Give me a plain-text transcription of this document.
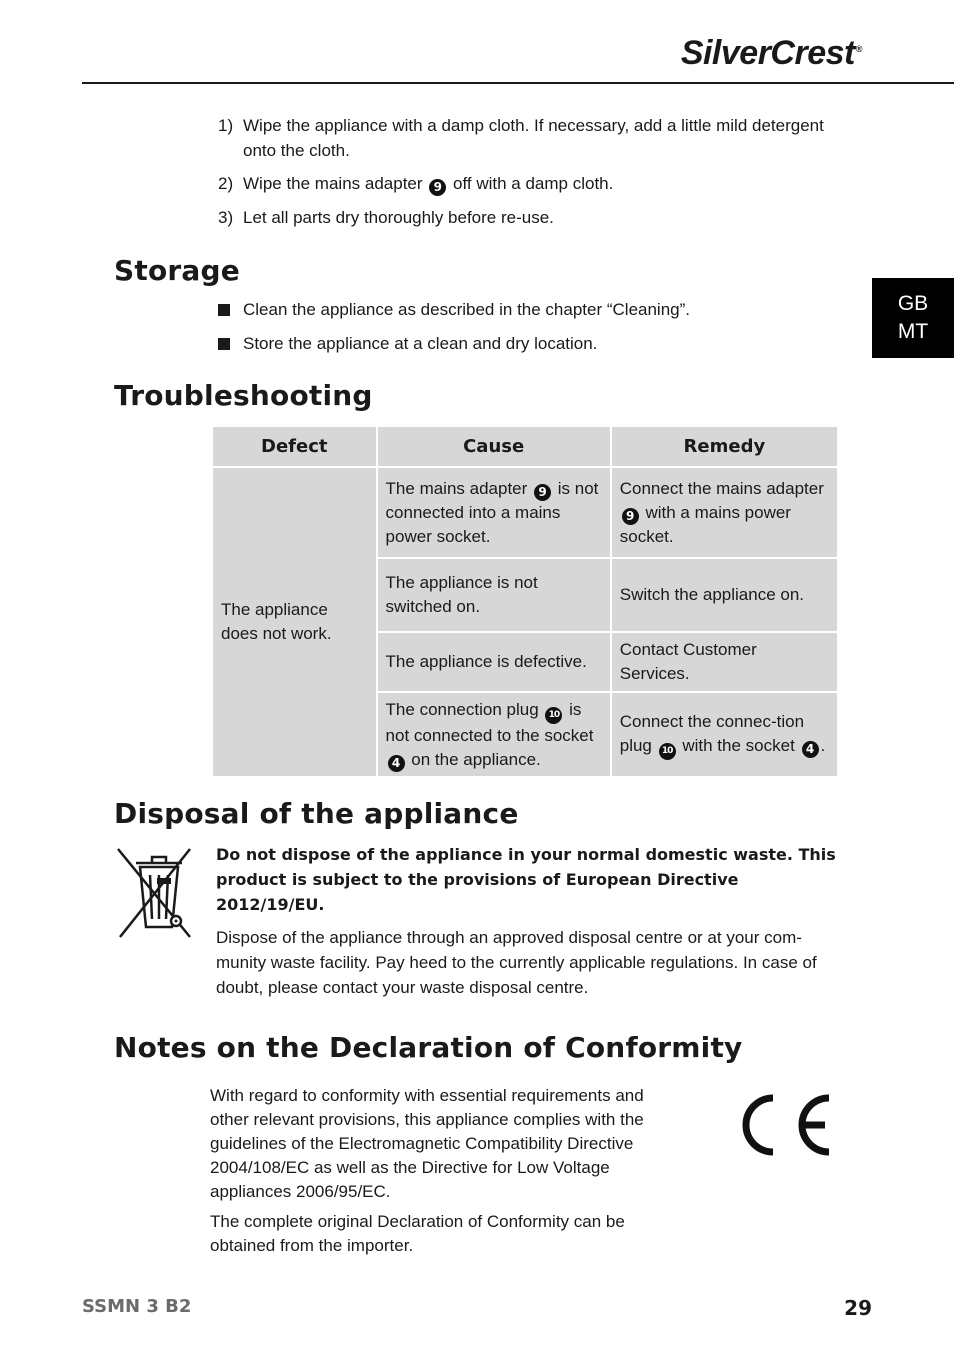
SilverCrest®
GB
MT
1) Wipe the appliance with a damp cloth. If necessary, add a little mild detergent onto the cloth.
2) Wipe the mains adapter 9 off with a damp cloth.
3) Let all parts dry thoroughly before re-use.
Storage
Clean the appliance as described in the chapter “Cleaning”.
Store the appliance at a clean and dry location.
Troubleshooting
Defect	Cause	Remedy
The appliance does not work.	The mains adapter 9 is not connected into a mains power socket.	Connect the mains adapter 9 with a mains power socket.
	The appliance is not switched on.	Switch the appliance on.
	The appliance is defective.	Contact Customer Services.
	The connection plug 10 is not connected to the socket 4 on the appliance.	Connect the connec-tion plug 10 with the socket 4 .
Disposal of the appliance
Do not dispose of the appliance in your normal domestic waste. This product is subject to the provisions of European Directive 2012/19/EU.
Dispose of the appliance through an approved disposal centre or at your com-munity waste facility. Pay heed to the currently applicable regulations. In case of doubt, please contact your waste disposal centre.
Notes on the Declaration of Conformity
With regard to conformity with essential requirements and other relevant provisions, this appliance complies with the guidelines of the Electromagnetic Compatibility Directive 2004/108/EC as well as the Directive for Low Voltage appliances 2006/95/EC.
The complete original Declaration of Conformity can be obtained from the importer.
SSMN 3 B2	29
